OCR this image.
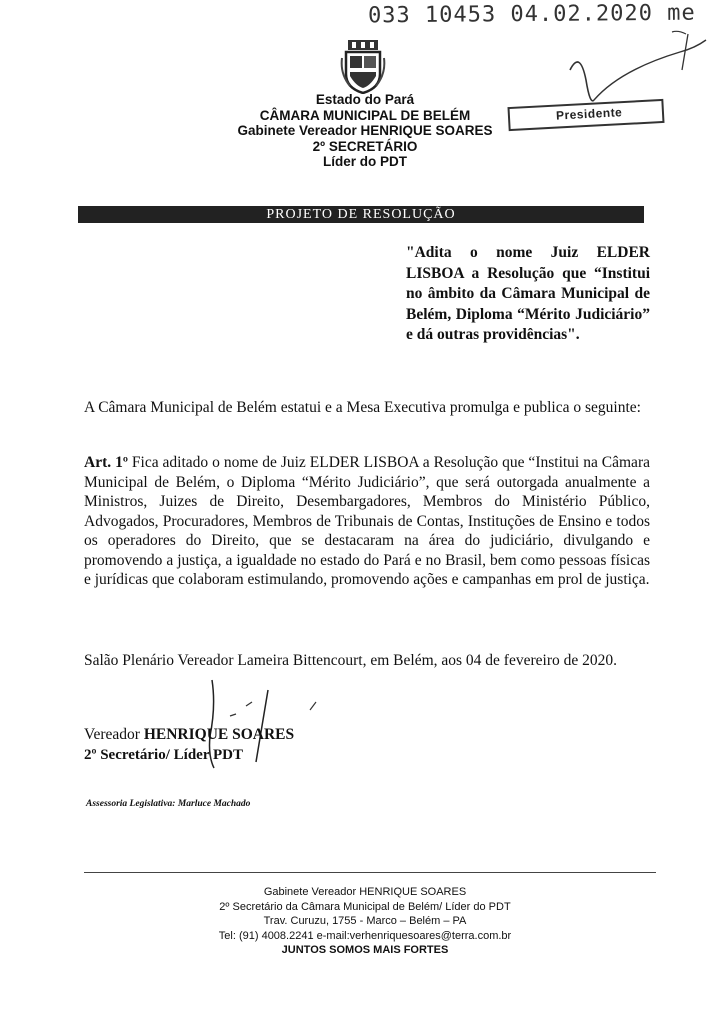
033 10453 04.02.2020 me
Estado do Pará
CÂMARA MUNICIPAL DE BELÉM
Gabinete Vereador HENRIQUE SOARES
2º SECRETÁRIO
Líder do PDT
Presidente
PROJETO DE RESOLUÇÃO
"Adita o nome Juiz ELDER LISBOA a Resolução que “Institui no âmbito da Câmara Municipal de Belém, Diploma “Mérito Judiciário” e dá outras providências".
A Câmara Municipal de Belém estatui e a Mesa Executiva promulga e publica o seguinte:
Art. 1º Fica aditado o nome de Juiz ELDER LISBOA a Resolução que “Institui na Câmara Municipal de Belém, o Diploma “Mérito Judiciário”, que será outorgada anualmente a Ministros, Juizes de Direito, Desembargadores, Membros do Ministério Público, Advogados, Procuradores, Membros de Tribunais de Contas, Instituções de Ensino e todos os operadores do Direito, que se destacaram na área do judiciário, divulgando e promovendo a justiça, a igualdade no estado do Pará e no Brasil, bem como pessoas físicas e jurídicas que colaboram estimulando, promovendo ações e campanhas em prol de justiça.
Salão Plenário Vereador Lameira Bittencourt, em Belém, aos 04 de fevereiro de 2020.
Vereador HENRIQUE SOARES
2º Secretário/ Líder PDT
Assessoria Legislativa: Marluce Machado
Gabinete Vereador HENRIQUE SOARES
2º Secretário da Câmara Municipal de Belém/ Líder do PDT
Trav. Curuzu, 1755 - Marco – Belém – PA
Tel: (91) 4008.2241 e-mail:verhenriquesoares@terra.com.br
JUNTOS SOMOS MAIS FORTES
